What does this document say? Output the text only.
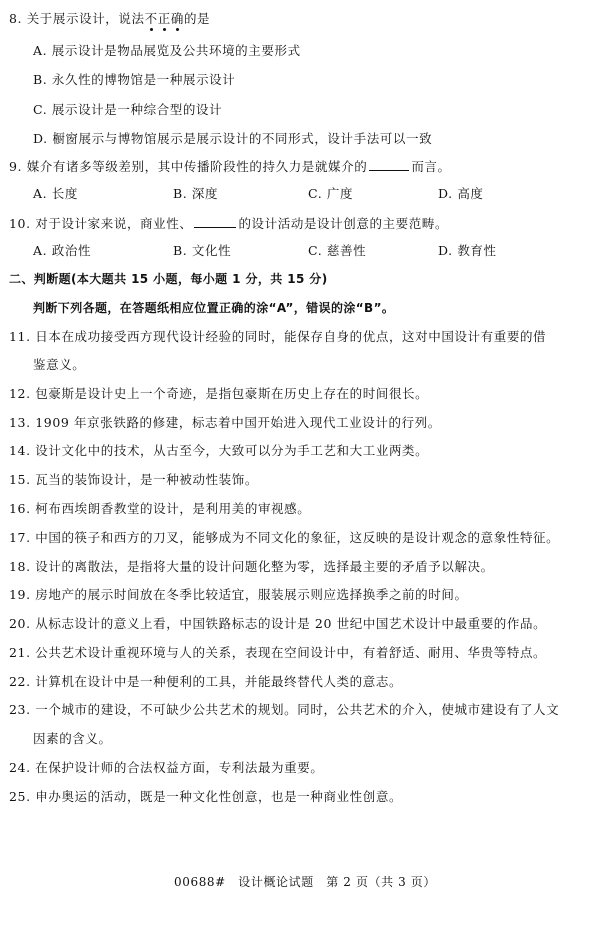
8. 关于展示设计，说法不正确的是
A. 展示设计是物品展览及公共环境的主要形式
B. 永久性的博物馆是一种展示设计
C. 展示设计是一种综合型的设计
D. 橱窗展示与博物馆展示是展示设计的不同形式，设计手法可以一致
9. 媒介有诸多等级差别，其中传播阶段性的持久力是就媒介的	而言。
A. 长度	B. 深度	C. 广度	D. 高度
10. 对于设计家来说，商业性、	的设计活动是设计创意的主要范畴。
A. 政治性	B. 文化性	C. 慈善性	D. 教育性
二、判断题(本大题共 15 小题，每小题 1 分，共 15 分)
判断下列各题，在答题纸相应位置正确的涂“A”，错误的涂“B”。
11. 日本在成功接受西方现代设计经验的同时，能保存自身的优点，这对中国设计有重要的借
鉴意义。
12. 包豪斯是设计史上一个奇迹，是指包豪斯在历史上存在的时间很长。
13. 1909 年京张铁路的修建，标志着中国开始进入现代工业设计的行列。
14. 设计文化中的技术，从古至今，大致可以分为手工艺和大工业两类。
15. 瓦当的装饰设计，是一种被动性装饰。
16. 柯布西埃朗香教堂的设计，是利用美的审视感。
17. 中国的筷子和西方的刀叉，能够成为不同文化的象征，这反映的是设计观念的意象性特征。
18. 设计的离散法，是指将大量的设计问题化整为零，选择最主要的矛盾予以解决。
19. 房地产的展示时间放在冬季比较适宜，服装展示则应选择换季之前的时间。
20. 从标志设计的意义上看，中国铁路标志的设计是 20 世纪中国艺术设计中最重要的作品。
21. 公共艺术设计重视环境与人的关系，表现在空间设计中，有着舒适、耐用、华贵等特点。
22. 计算机在设计中是一种便利的工具，并能最终替代人类的意志。
23. 一个城市的建设，不可缺少公共艺术的规划。同时，公共艺术的介入，使城市建设有了人文
因素的含义。
24. 在保护设计师的合法权益方面，专利法最为重要。
25. 申办奥运的活动，既是一种文化性创意，也是一种商业性创意。
00688# 设计概论试题 第 2 页（共 3 页）
